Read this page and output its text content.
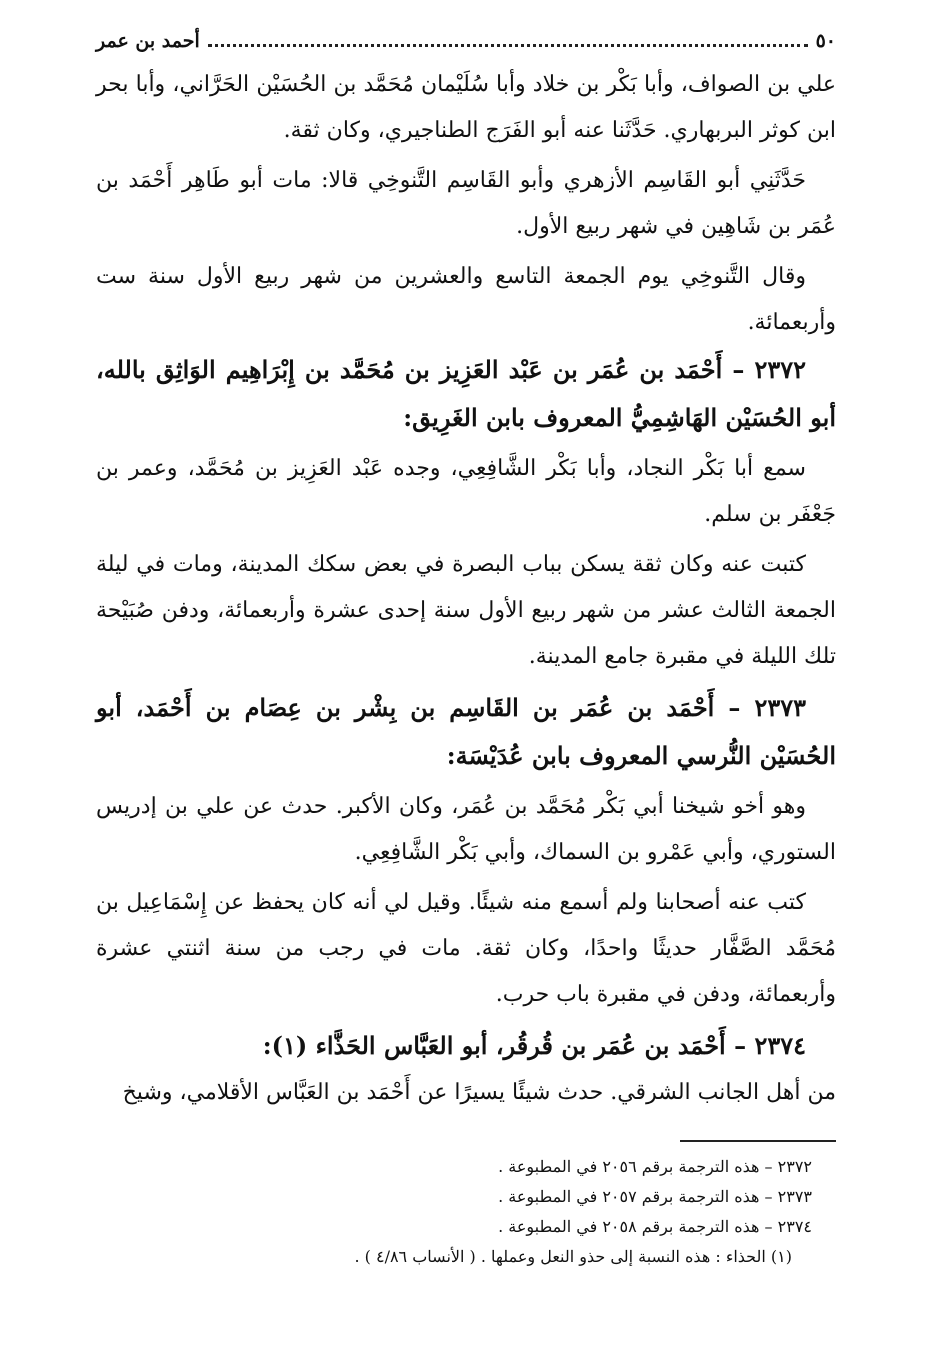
٥٠
أحمد بن عمر

علي بن الصواف، وأبا بَكْر بن خلاد وأبا سُلَيْمان مُحَمَّد بن الحُسَيْن الحَرَّاني، وأبا بحر ابن كوثر البربهاري. حَدَّثَنا عنه أبو الفَرَج الطناجيري، وكان ثقة.

حَدَّثَنِي أبو القَاسِم الأزهري وأبو القَاسِم التَّنوخِي قالا: مات أبو طَاهِر أَحْمَد بن عُمَر بن شَاهِين في شهر ربيع الأول.

وقال التَّنوخِي يوم الجمعة التاسع والعشرين من شهر ربيع الأول سنة ست وأربعمائة.

٢٣٧٢ – أَحْمَد بن عُمَر بن عَبْد العَزِيز بن مُحَمَّد بن إِبْرَاهِيم الوَاثِق بالله، أبو الحُسَيْن الهَاشِمِيُّ المعروف بابن الغَرِيق:

سمع أبا بَكْر النجاد، وأبا بَكْر الشَّافِعِي، وجده عَبْد العَزِيز بن مُحَمَّد، وعمر بن جَعْفَر بن سلم.

كتبت عنه وكان ثقة يسكن بباب البصرة في بعض سكك المدينة، ومات في ليلة الجمعة الثالث عشر من شهر ربيع الأول سنة إحدى عشرة وأربعمائة، ودفن صُبَيْحة تلك الليلة في مقبرة جامع المدينة.

٢٣٧٣ – أَحْمَد بن عُمَر بن القَاسِم بن بِشْر بن عِصَام بن أَحْمَد، أبو الحُسَيْن النُّرسي المعروف بابن عُدَيْسَة:

وهو أخو شيخنا أبي بَكْر مُحَمَّد بن عُمَر، وكان الأكبر. حدث عن علي بن إدريس الستوري، وأبي عَمْرو بن السماك، وأبي بَكْر الشَّافِعِي.

كتب عنه أصحابنا ولم أسمع منه شيئًا. وقيل لي أنه كان يحفظ عن إِسْمَاعِيل بن مُحَمَّد الصَّفَّار حديثًا واحدًا، وكان ثقة. مات في رجب من سنة اثنتي عشرة وأربعمائة، ودفن في مقبرة باب حرب.

٢٣٧٤ – أَحْمَد بن عُمَر بن قُرقُر، أبو العَبَّاس الحَذَّاء (١):

من أهل الجانب الشرقي. حدث شيئًا يسيرًا عن أَحْمَد بن العَبَّاس الأقلامي، وشيخ

٢٣٧٢ – هذه الترجمة برقم ٢٠٥٦ في المطبوعة .

٢٣٧٣ – هذه الترجمة برقم ٢٠٥٧ في المطبوعة .

٢٣٧٤ – هذه الترجمة برقم ٢٠٥٨ في المطبوعة .

(١) الحذاء : هذه النسبة إلى حذو النعل وعملها . ( الأنساب ٤/٨٦ ) .
